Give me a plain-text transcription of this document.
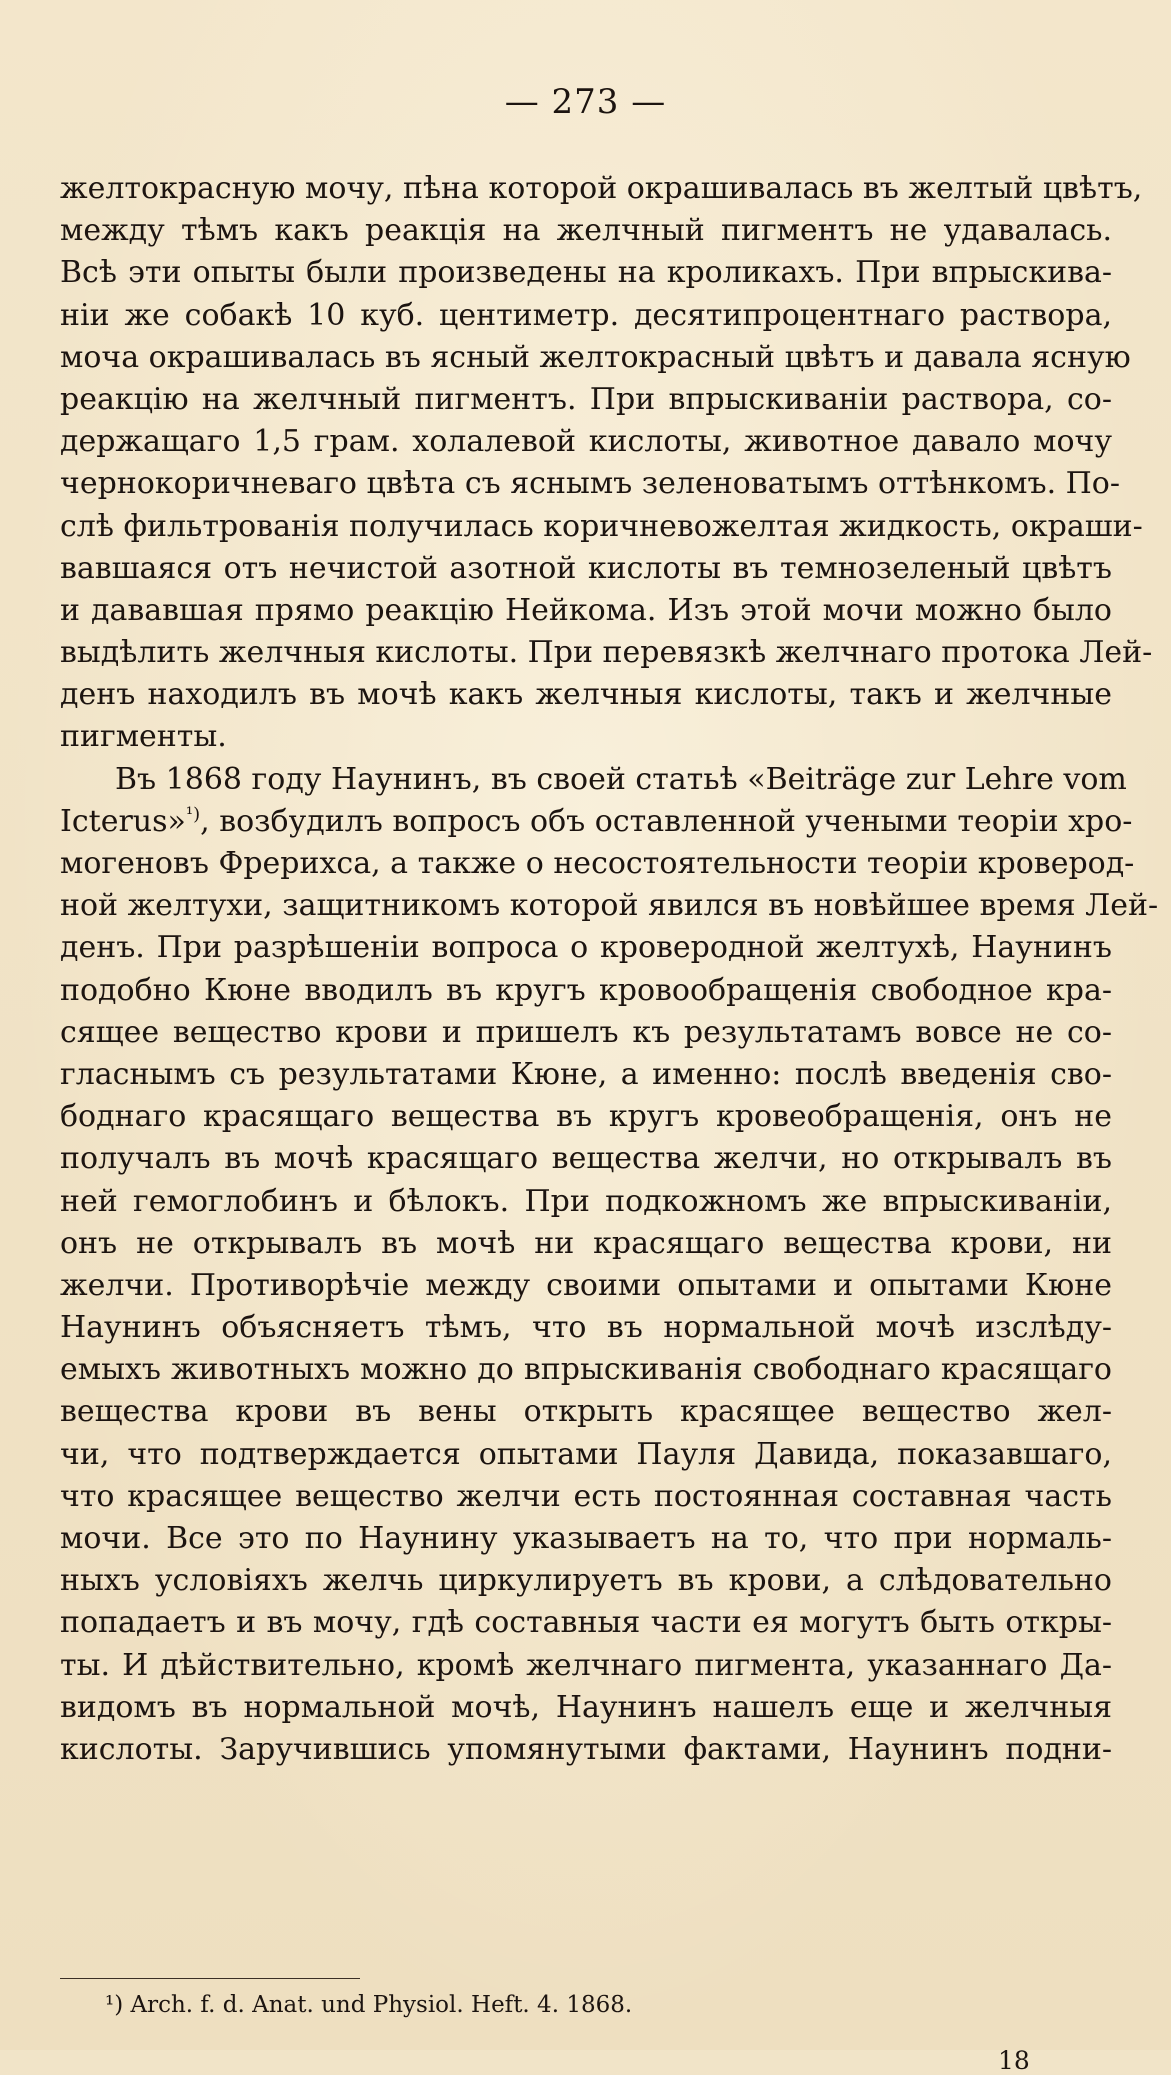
— 273 —
желтокрасную мочу, пѣна которой окрашивалась въ желтый цвѣтъ,
между тѣмъ какъ реакція на желчный пигментъ не удавалась.
Всѣ эти опыты были произведены на кроликахъ. При впрыскива-
ніи же собакѣ 10 куб. центиметр. десятипроцентнаго раствора,
моча окрашивалась въ ясный желтокрасный цвѣтъ и давала ясную
реакцію на желчный пигментъ. При впрыскиваніи раствора, со-
держащаго 1,5 грам. холалевой кислоты, животное давало мочу
чернокоричневаго цвѣта съ яснымъ зеленоватымъ оттѣнкомъ. По-
слѣ фильтрованія получилась коричневожелтая жидкость, окраши-
вавшаяся отъ нечистой азотной кислоты въ темнозеленый цвѣтъ
и дававшая прямо реакцію Нейкома. Изъ этой мочи можно было
выдѣлить желчныя кислоты. При перевязкѣ желчнаго протока Лей-
денъ находилъ въ мочѣ какъ желчныя кислоты, такъ и желчные
пигменты.
Въ 1868 году Наунинъ, въ своей статьѣ «Beiträge zur Lehre vom
Icterus»$^{^1)}$, возбудилъ вопросъ объ оставленной учеными теоріи хро-
могеновъ Фрерихса, а также о несостоятельности теоріи кровеpод-
ной желтухи, защитникомъ которой явился въ новѣйшее время Лей-
денъ. При разрѣшеніи вопроса о кроверодной желтухѣ, Наунинъ
подобно Кюне вводилъ въ кругъ кровообращенія свободное кра-
сящее вещество крови и пришелъ къ результатамъ вовсе не со-
гласнымъ съ результатами Кюне, а именно: послѣ введенія сво-
боднаго красящаго вещества въ кругъ кровеобращенія, онъ не
получалъ въ мочѣ красящаго вещества желчи, но открывалъ въ
ней гемоглобинъ и бѣлокъ. При подкожномъ же впрыскиваніи,
онъ не открывалъ въ мочѣ ни красящаго вещества крови, ни
желчи. Противорѣчіе между своими опытами и опытами Кюне
Наунинъ объясняетъ тѣмъ, что въ нормальной мочѣ изслѣду-
емыхъ животныхъ можно до впрыскиванія свободнаго красящаго
вещества крови въ вены открыть красящее вещество жел-
чи, что подтверждается опытами Пауля Давида, показавшаго,
что красящее вещество желчи есть постоянная составная часть
мочи. Все это по Наунину указываетъ на то, что при нормаль-
ныхъ условіяхъ желчь циркулируетъ въ крови, а слѣдовательно
попадаетъ и въ мочу, гдѣ составныя части ея могутъ быть откры-
ты. И дѣйствительно, кромѣ желчнаго пигмента, указаннаго Да-
видомъ въ нормальной мочѣ, Наунинъ нашелъ еще и желчныя
кислоты. Заручившись упомянутыми фактами, Наунинъ подни-
¹) Arch. f. d. Anat. und Physiol. Heft. 4. 1868.
18
